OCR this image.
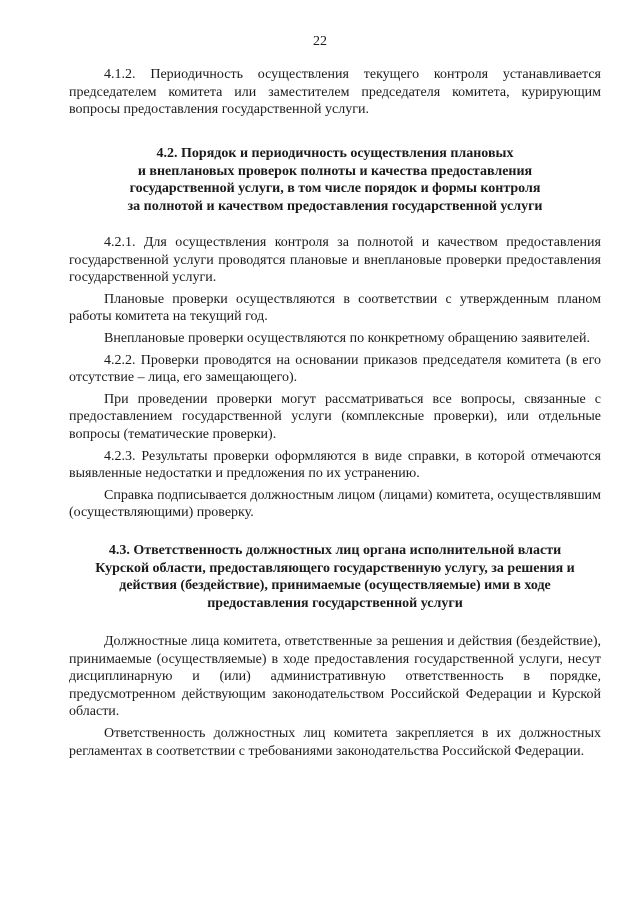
22

4.1.2. Периодичность осуществления текущего контроля устанавливается председателем комитета или заместителем председателя комитета, курирующим вопросы предоставления государственной услуги.

4.2. Порядок и периодичность осуществления плановых
и внеплановых проверок полноты и качества предоставления
государственной услуги, в том числе порядок и формы контроля
за полнотой и качеством предоставления государственной услуги

4.2.1. Для осуществления контроля за полнотой и качеством предоставления государственной услуги проводятся плановые и внеплановые проверки предоставления государственной услуги.

Плановые проверки осуществляются в соответствии с утвержденным планом работы комитета на текущий год.

Внеплановые проверки осуществляются по конкретному обращению заявителей.

4.2.2. Проверки проводятся на основании приказов председателя комитета (в его отсутствие – лица, его замещающего).

При проведении проверки могут рассматриваться все вопросы, связанные с предоставлением государственной услуги (комплексные проверки), или отдельные вопросы (тематические проверки).

4.2.3. Результаты проверки оформляются в виде справки, в которой отмечаются выявленные недостатки и предложения по их устранению.

Справка подписывается должностным лицом (лицами) комитета, осуществлявшим (осуществляющими) проверку.

4.3. Ответственность должностных лиц органа исполнительной власти
Курской области, предоставляющего государственную услугу, за решения и
действия (бездействие), принимаемые (осуществляемые) ими в ходе
предоставления государственной услуги

Должностные лица комитета, ответственные за решения и действия (бездействие), принимаемые (осуществляемые) в ходе предоставления государственной услуги, несут дисциплинарную и (или) административную ответственность в порядке, предусмотренном действующим законодательством Российской Федерации и Курской области.

Ответственность должностных лиц комитета закрепляется в их должностных регламентах в соответствии с требованиями законодательства Российской Федерации.
